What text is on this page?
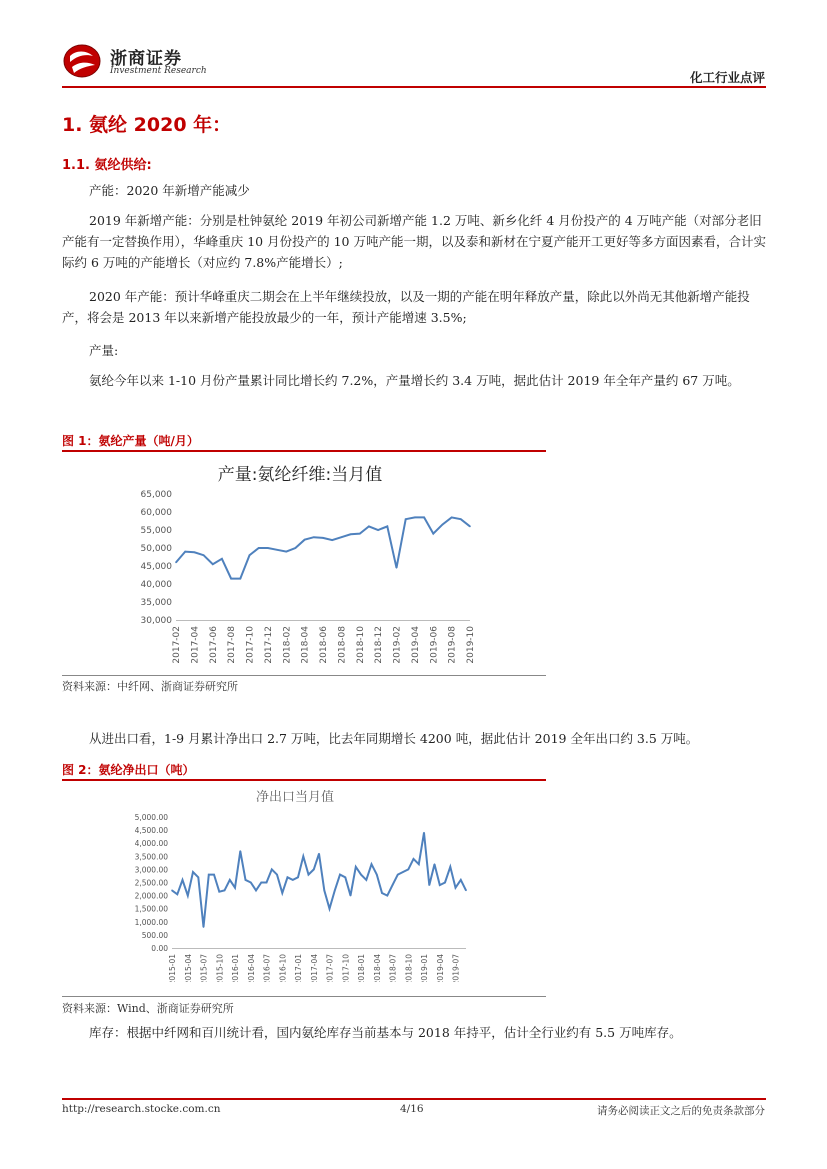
浙商证券
Investment Research	化工行业点评
1. 氨纶 2020 年：
1.1. 氨纶供给:
产能：2020 年新增产能减少
2019 年新增产能：分别是杜钟氨纶 2019 年初公司新增产能 1.2 万吨、新乡化纤 4 月份投产的 4 万吨产能（对部分老旧产能有一定替换作用），华峰重庆 10 月份投产的 10 万吨产能一期，以及泰和新材在宁夏产能开工更好等多方面因素看，合计实际约 6 万吨的产能增长（对应约 7.8%产能增长）;
2020 年产能：预计华峰重庆二期会在上半年继续投放，以及一期的产能在明年释放产量，除此以外尚无其他新增产能投产，将会是 2013 年以来新增产能投放最少的一年，预计产能增速 3.5%;
产量:
氨纶今年以来 1-10 月份产量累计同比增长约 7.2%，产量增长约 3.4 万吨，据此估计 2019 年全年产量约 67 万吨。
图 1：氨纶产量（吨/月）
产量:氨纶纤维:当月值
30,000
35,000
40,000
45,000
50,000
55,000
60,000
65,000
2017-02 2017-04 2017-06 2017-08 2017-10 2017-12 2018-02 2018-04 2018-06 2018-08 2018-10 2018-12 2019-02 2019-04 2019-06 2019-08 2019-10
资料来源：中纤网、浙商证券研究所
从进出口看，1-9 月累计净出口 2.7 万吨，比去年同期增长 4200 吨，据此估计 2019 全年出口约 3.5 万吨。
图 2：氨纶净出口（吨）
净出口当月值
0.00
500.00
1,000.00
1,500.00
2,000.00
2,500.00
3,000.00
3,500.00
4,000.00
4,500.00
5,000.00
2015-01 2015-04 2015-07 2015-10 2016-01 2016-04 2016-07 2016-10 2017-01 2017-04 2017-07 2017-10 2018-01 2018-04 2018-07 2018-10 2019-01 2019-04 2019-07
资料来源：Wind、浙商证券研究所
库存：根据中纤网和百川统计看，国内氨纶库存当前基本与 2018 年持平，估计全行业约有 5.5 万吨库存。
http://research.stocke.com.cn	4/16	请务必阅读正文之后的免责条款部分
